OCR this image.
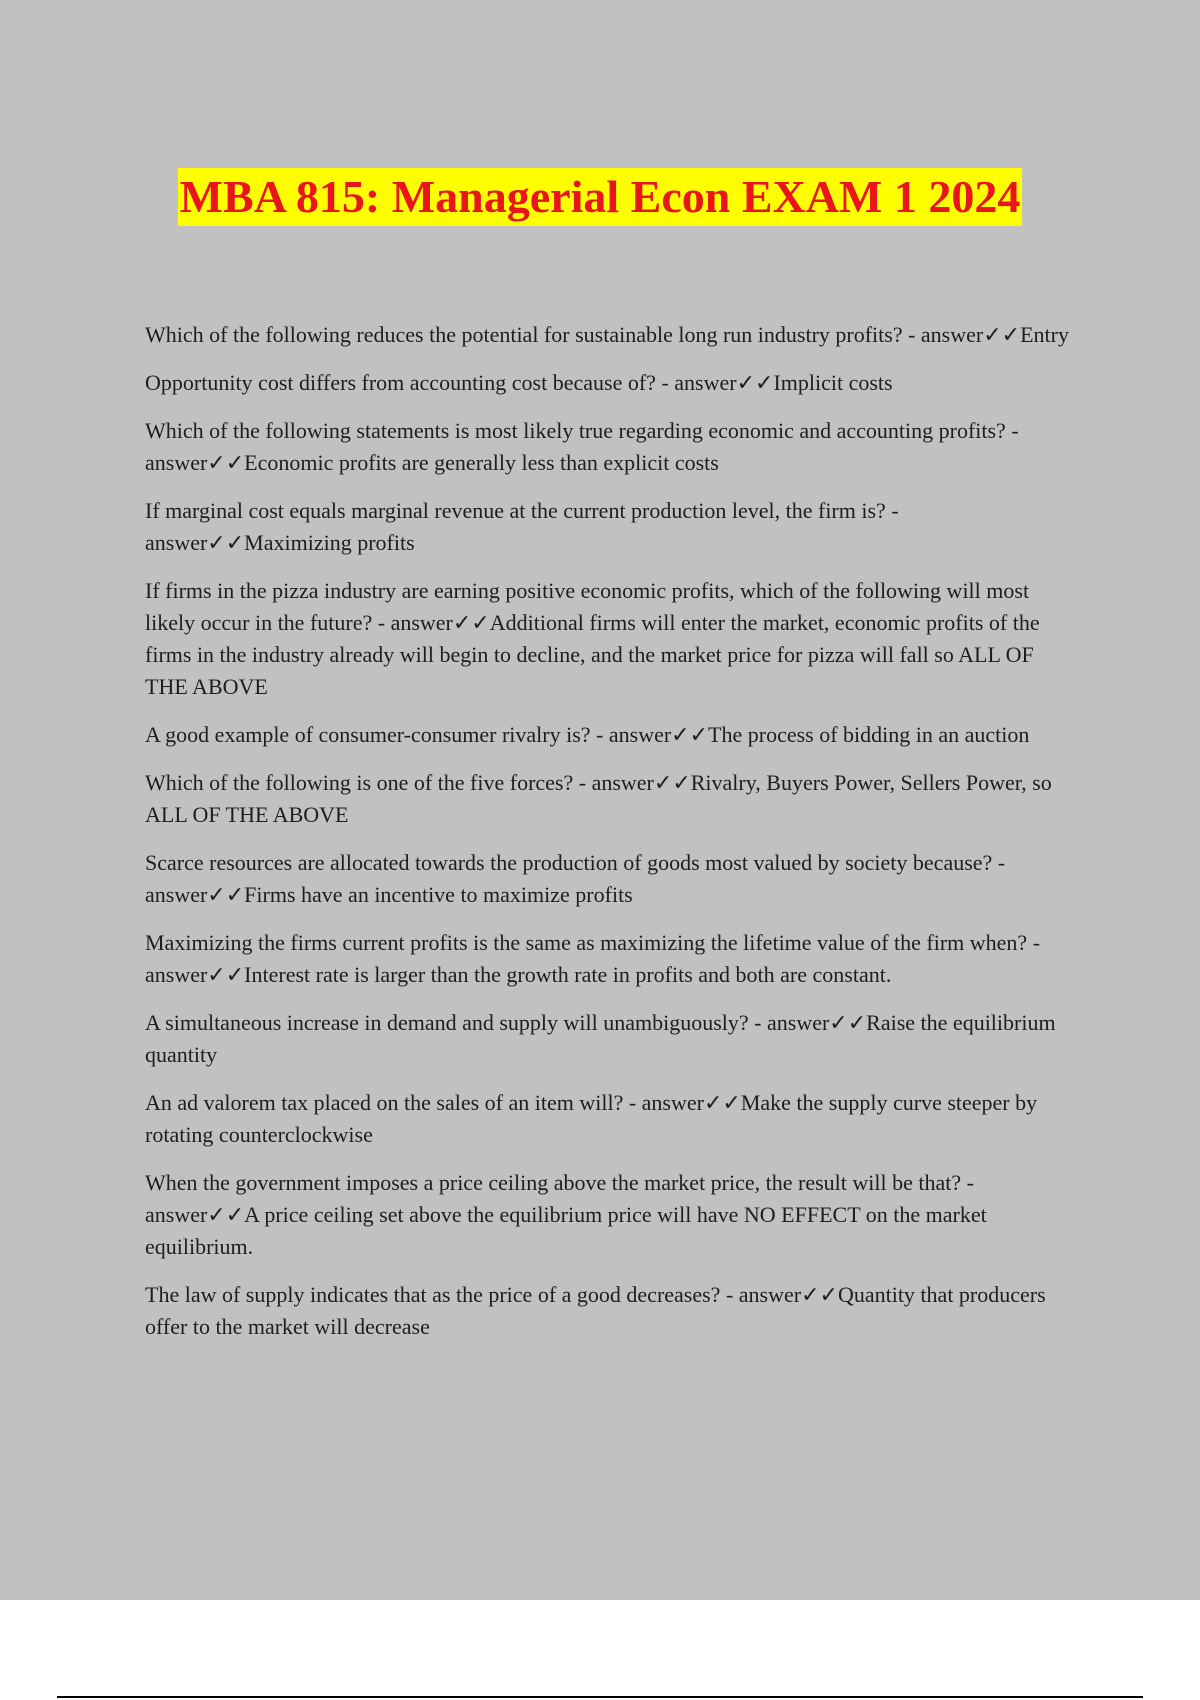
MBA 815: Managerial Econ EXAM 1 2024
Which of the following reduces the potential for sustainable long run industry profits? - answer✓✓Entry
Opportunity cost differs from accounting cost because of? - answer✓✓Implicit costs
Which of the following statements is most likely true regarding economic and accounting profits? - answer✓✓Economic profits are generally less than explicit costs
If marginal cost equals marginal revenue at the current production level, the firm is? - answer✓✓Maximizing profits
If firms in the pizza industry are earning positive economic profits, which of the following will most likely occur in the future? - answer✓✓Additional firms will enter the market, economic profits of the firms in the industry already will begin to decline, and the market price for pizza will fall so ALL OF THE ABOVE
A good example of consumer-consumer rivalry is? - answer✓✓The process of bidding in an auction
Which of the following is one of the five forces? - answer✓✓Rivalry, Buyers Power, Sellers Power, so ALL OF THE ABOVE
Scarce resources are allocated towards the production of goods most valued by society because? - answer✓✓Firms have an incentive to maximize profits
Maximizing the firms current profits is the same as maximizing the lifetime value of the firm when? - answer✓✓Interest rate is larger than the growth rate in profits and both are constant.
A simultaneous increase in demand and supply will unambiguously? - answer✓✓Raise the equilibrium quantity
An ad valorem tax placed on the sales of an item will? - answer✓✓Make the supply curve steeper by rotating counterclockwise
When the government imposes a price ceiling above the market price, the result will be that? - answer✓✓A price ceiling set above the equilibrium price will have NO EFFECT on the market equilibrium.
The law of supply indicates that as the price of a good decreases? - answer✓✓Quantity that producers offer to the market will decrease
